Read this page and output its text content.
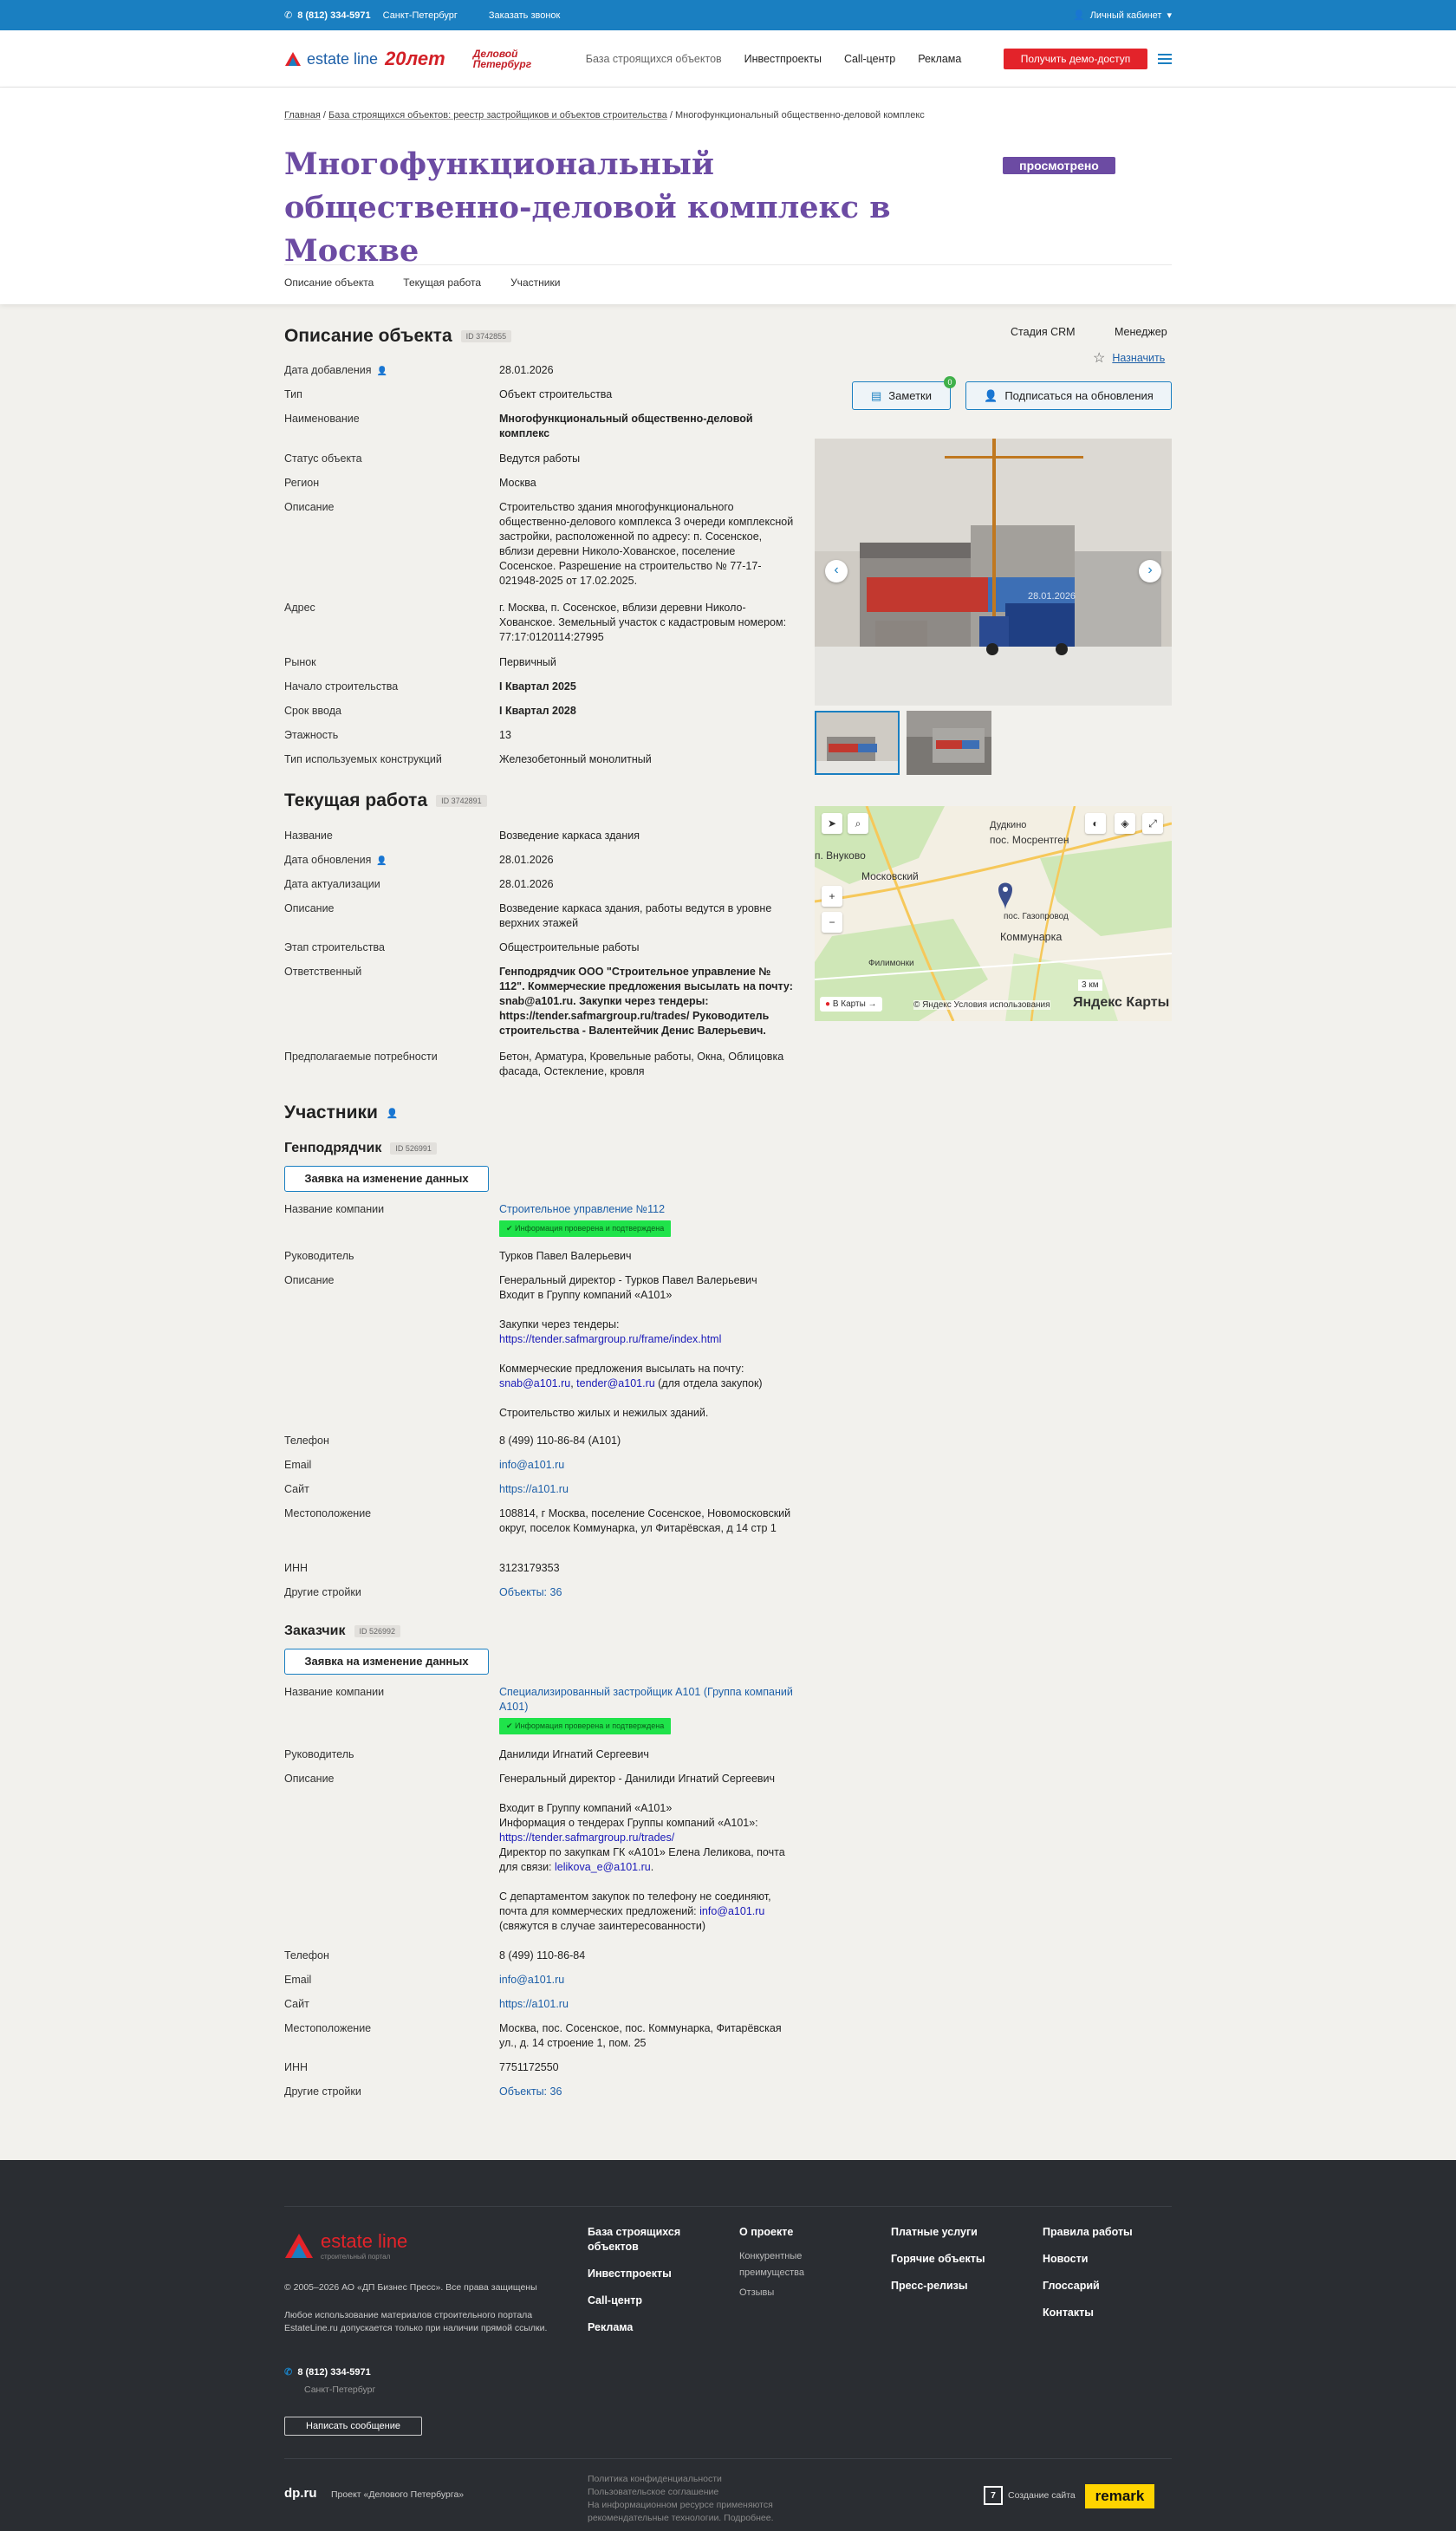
✆ 8 (812) 334-5971 Санкт-Петербург	Заказать звонок	👤 Личный кабинет ▾
estate line 20лет	Деловой Петербург	База строящихся объектов Инвестпроекты Call-центр Реклама	Получить демо-доступ
Главная / База строящихся объектов: реестр застройщиков и объектов строительства / Многофункциональный общественно-деловой комплекс
Многофункциональный общественно-деловой комплекс в Москве
просмотрено
Описание объекта	Текущая работа	Участники
Описание объекта	ID 3742855
Дата добавления 👤	28.01.2026
Тип	Объект строительства
Наименование	Многофункциональный общественно-деловой комплекс
Статус объекта	Ведутся работы
Регион	Москва
Описание	Строительство здания многофункционального общественно-делового комплекса 3 очереди комплексной застройки, расположенной по адресу: п. Сосенское, вблизи деревни Николо-Хованское, поселение Сосенское. Разрешение на строительство № 77-17-021948-2025 от 17.02.2025.
Адрес	г. Москва, п. Сосенское, вблизи деревни Николо-Хованское. Земельный участок с кадастровым номером: 77:17:0120114:27995
Рынок	Первичный
Начало строительства	I Квартал 2025
Срок ввода	I Квартал 2028
Этажность	13
Тип используемых конструкций	Железобетонный монолитный
Текущая работа	ID 3742891
Название	Возведение каркаса здания
Дата обновления 👤	28.01.2026
Дата актуализации	28.01.2026
Описание	Возведение каркаса здания, работы ведутся в уровне верхних этажей
Этап строительства	Общестроительные работы
Ответственный	Генподрядчик ООО "Строительное управление № 112". Коммерческие предложения высылать на почту: snab@a101.ru. Закупки через тендеры: https://tender.safmargroup.ru/trades/ Руководитель строительства - Валентейчик Денис Валерьевич.
Предполагаемые потребности	Бетон, Арматура, Кровельные работы, Окна, Облицовка фасада, Остекление, кровля
Участники 👤
Генподрядчик	ID 526991
Заявка на изменение данных
Название компании	Строительное управление №112
✔ Информация проверена и подтверждена
Руководитель	Турков Павел Валерьевич
Описание	Генеральный директор - Турков Павел Валерьевич
Входит в Группу компаний «А101»

Закупки через тендеры:
https://tender.safmargroup.ru/frame/index.html

Коммерческие предложения высылать на почту:
snab@a101.ru, tender@a101.ru (для отдела закупок)

Строительство жилых и нежилых зданий.
Телефон	8 (499) 110-86-84 (А101)
Email	info@a101.ru
Сайт	https://a101.ru
Местоположение	108814, г Москва, поселение Сосенское, Новомосковский округ, поселок Коммунарка, ул Фитарёвская, д 14 стр 1
ИНН	3123179353
Другие стройки	Объекты: 36
Заказчик	ID 526992
Заявка на изменение данных
Название компании	Специализированный застройщик А101 (Группа компаний А101)
✔ Информация проверена и подтверждена
Руководитель	Данилиди Игнатий Сергеевич
Описание	Генеральный директор - Данилиди Игнатий Сергеевич

Входит в Группу компаний «А101»
Информация о тендерах Группы компаний «А101»:
https://tender.safmargroup.ru/trades/
Директор по закупкам ГК «А101» Елена Леликова, почта для связи: lelikova_e@a101.ru.

С департаментом закупок по телефону не соединяют, почта для коммерческих предложений: info@a101.ru (свяжутся в случае заинтересованности)
Телефон	8 (499) 110-86-84
Email	info@a101.ru
Сайт	https://a101.ru
Местоположение	Москва, пос. Сосенское, пос. Коммунарка, Фитарёвская ул., д. 14 строение 1, пом. 25
ИНН	7751172550
Другие стройки	Объекты: 36
Стадия CRM	Менеджер
☆ Назначить
▤ Заметки
0
👤 Подписаться на обновления
28.01.2026
‹	›
Дудкино
пос. Мосрентген
п. Внуково
Московский
Коммунарка
пос. Газопровод
Филимонки
➤	⌕	◐	◈	⤢
+
−
3 км
● В Карты →	© Яндекс Условия использования Яндекс Карты
estate line
строительный портал
© 2005–2026 АО «ДП Бизнес Пресс». Все права защищены
Любое использование материалов строительного портала EstateLine.ru допускается только при наличии прямой ссылки.
✆ 8 (812) 334-5971
Санкт-Петербург
Написать сообщение
База строящихся объектов
Инвестпроекты
Call-центр
Реклама
О проекте
Конкурентные преимущества
Отзывы
Платные услуги
Горячие объекты
Пресс-релизы
Правила работы
Новости
Глоссарий
Контакты
dp.ru Проект «Делового Петербурга»
Политика конфиденциальности
Пользовательское соглашение
На информационном ресурсе применяются
рекомендательные технологии. Подробнее.
7	Создание сайта	remark
